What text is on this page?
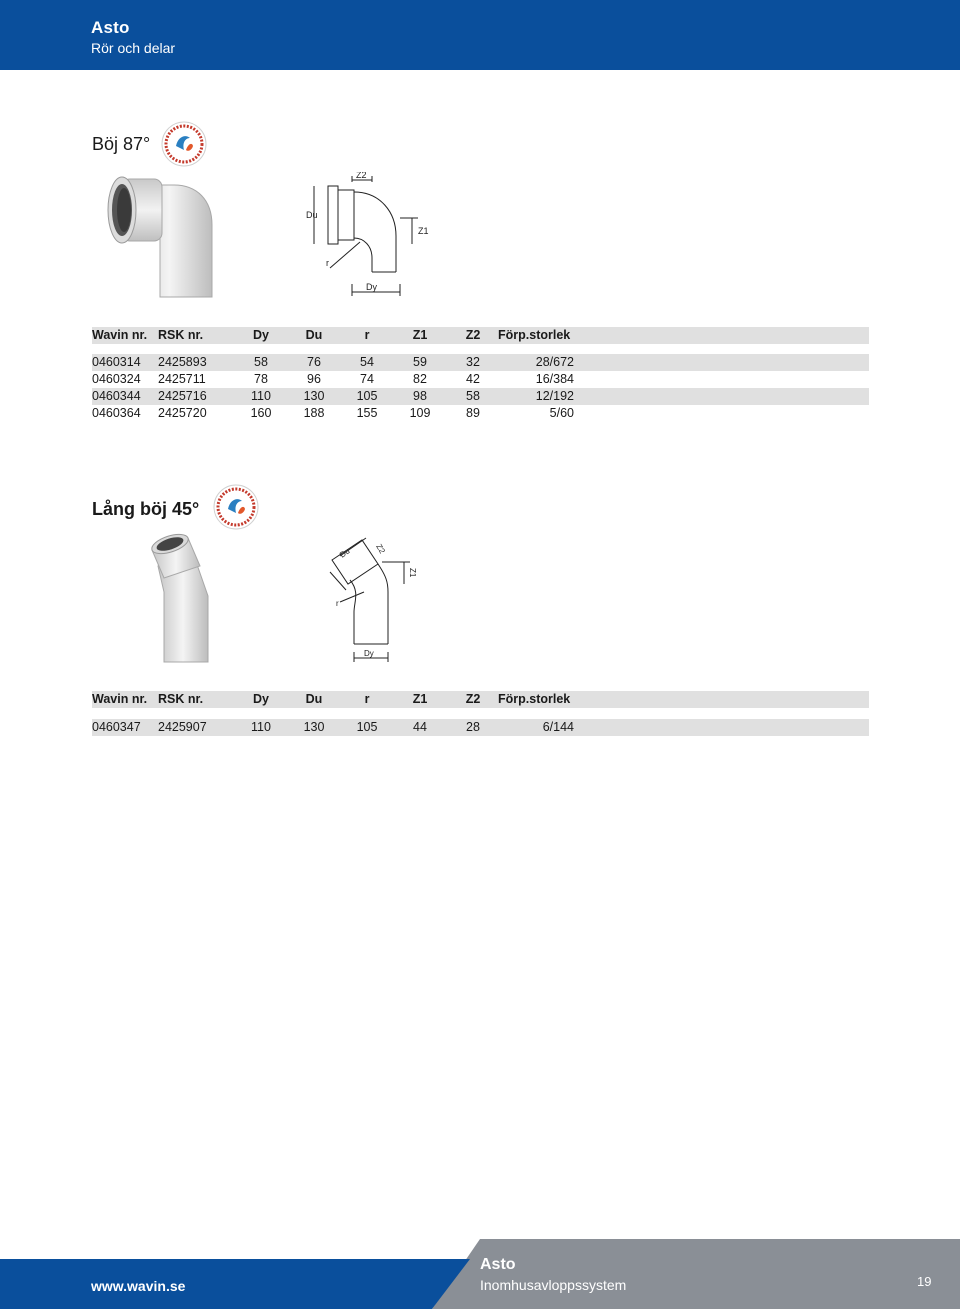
Asto
Rör och delar
Böj 87°
Z2
Du
Z1
r
Dy
Wavin nr.	RSK nr.	Dy	Du	r	Z1	Z2	Förp.storlek	

0460314	2425893	58	76	54	59	32	28/672	
0460324	2425711	78	96	74	82	42	16/384	
0460344	2425716	110	130	105	98	58	12/192	
0460364	2425720	160	188	155	109	89	5/60	
Lång böj 45°
Du	Z2
Z1
r
Dy
Wavin nr.	RSK nr.	Dy	Du	r	Z1	Z2	Förp.storlek	

0460347	2425907	110	130	105	44	28	6/144	
www.wavin.se
Asto
Inomhusavloppssystem	19
